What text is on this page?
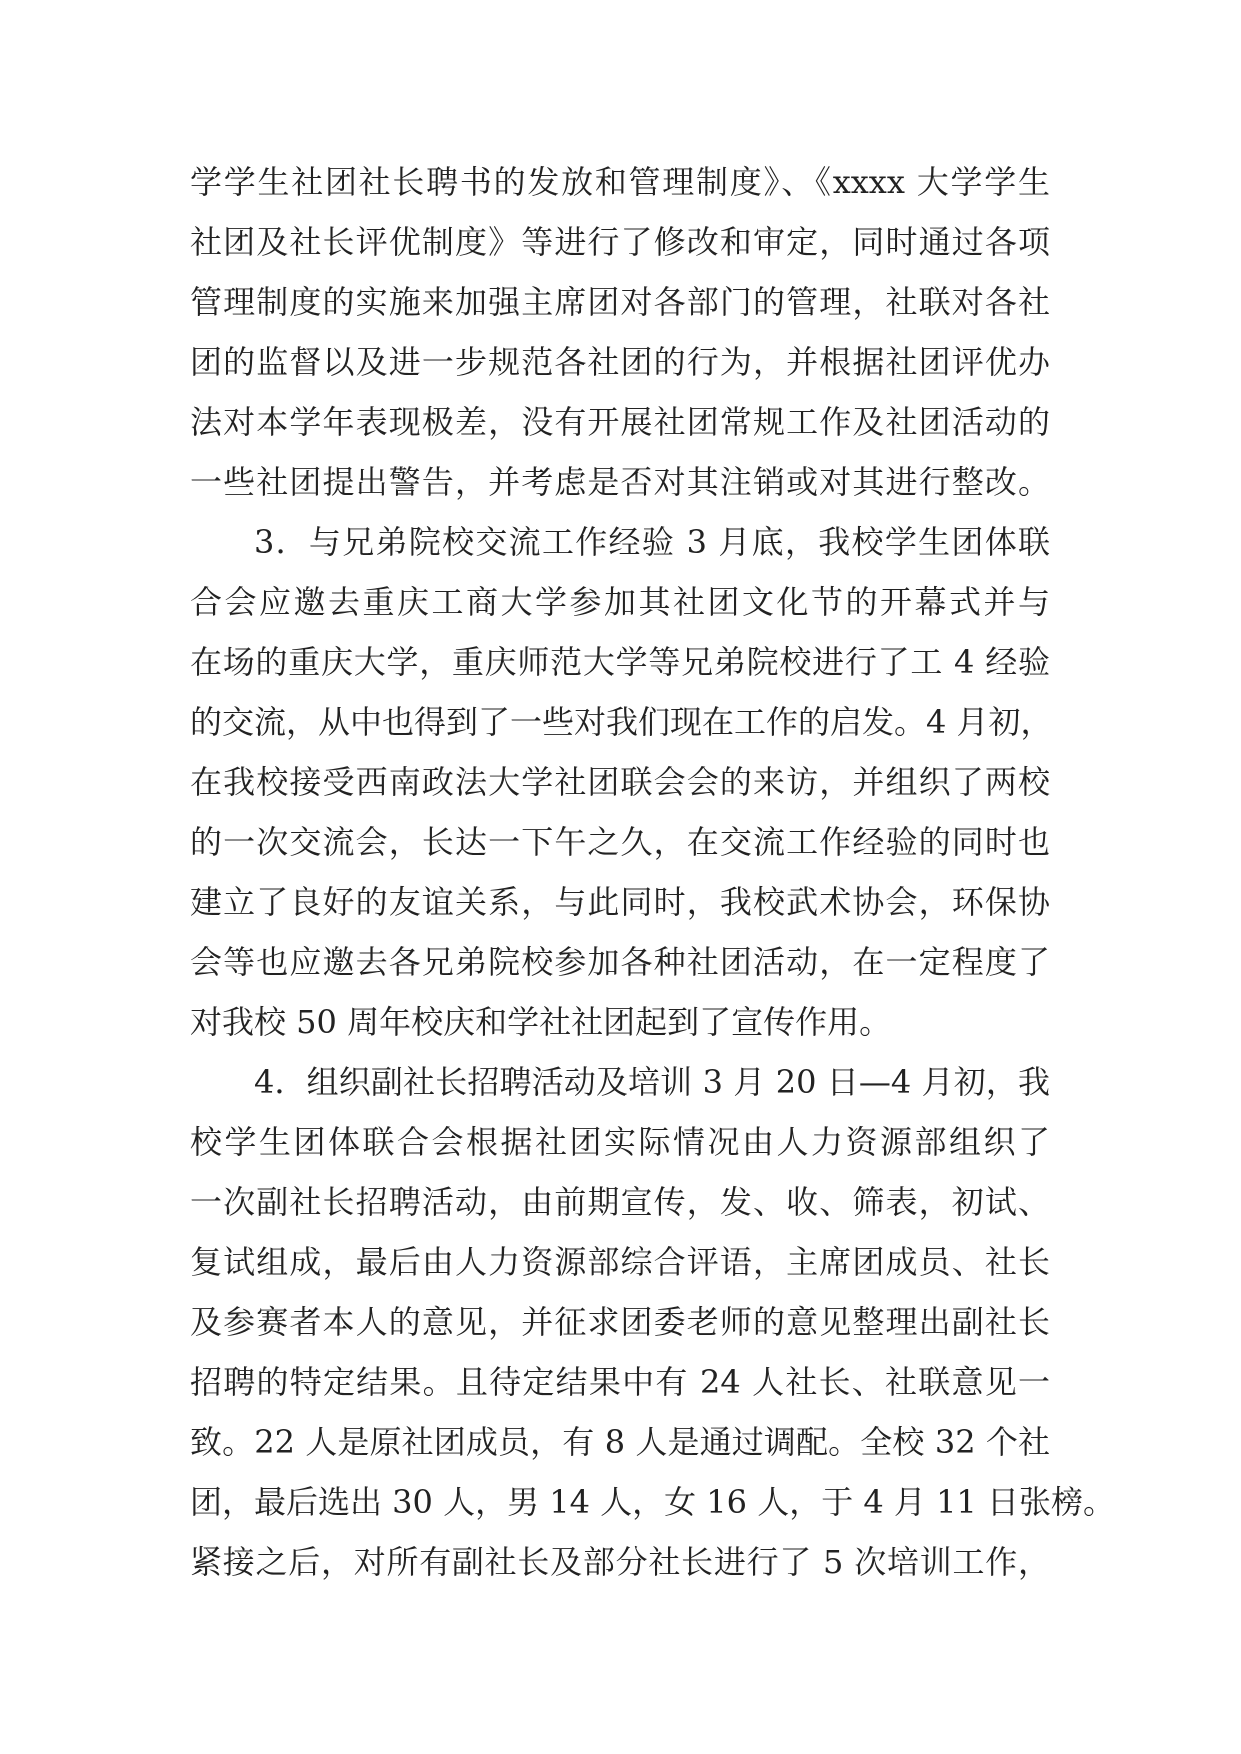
学学生社团社长聘书的发放和管理制度》、《xxxx 大学学生
社团及社长评优制度》等进行了修改和审定，同时通过各项
管理制度的实施来加强主席团对各部门的管理，社联对各社
团的监督以及进一步规范各社团的行为，并根据社团评优办
法对本学年表现极差，没有开展社团常规工作及社团活动的
一些社团提出警告，并考虑是否对其注销或对其进行整改。
3．与兄弟院校交流工作经验 3 月底，我校学生团体联
合会应邀去重庆工商大学参加其社团文化节的开幕式并与
在场的重庆大学，重庆师范大学等兄弟院校进行了工 4 经验
的交流，从中也得到了一些对我们现在工作的启发。4 月初，
在我校接受西南政法大学社团联会会的来访，并组织了两校
的一次交流会，长达一下午之久，在交流工作经验的同时也
建立了良好的友谊关系，与此同时，我校武术协会，环保协
会等也应邀去各兄弟院校参加各种社团活动，在一定程度了
对我校 50 周年校庆和学社社团起到了宣传作用。
4．组织副社长招聘活动及培训 3 月 20 日—4 月初，我
校学生团体联合会根据社团实际情况由人力资源部组织了
一次副社长招聘活动，由前期宣传，发、收、筛表，初试、
复试组成，最后由人力资源部综合评语，主席团成员、社长
及参赛者本人的意见，并征求团委老师的意见整理出副社长
招聘的特定结果。且待定结果中有 24 人社长、社联意见一
致。22 人是原社团成员，有 8 人是通过调配。全校 32 个社
团，最后选出 30 人，男 14 人，女 16 人，于 4 月 11 日张榜。
紧接之后，对所有副社长及部分社长进行了 5 次培训工作，
